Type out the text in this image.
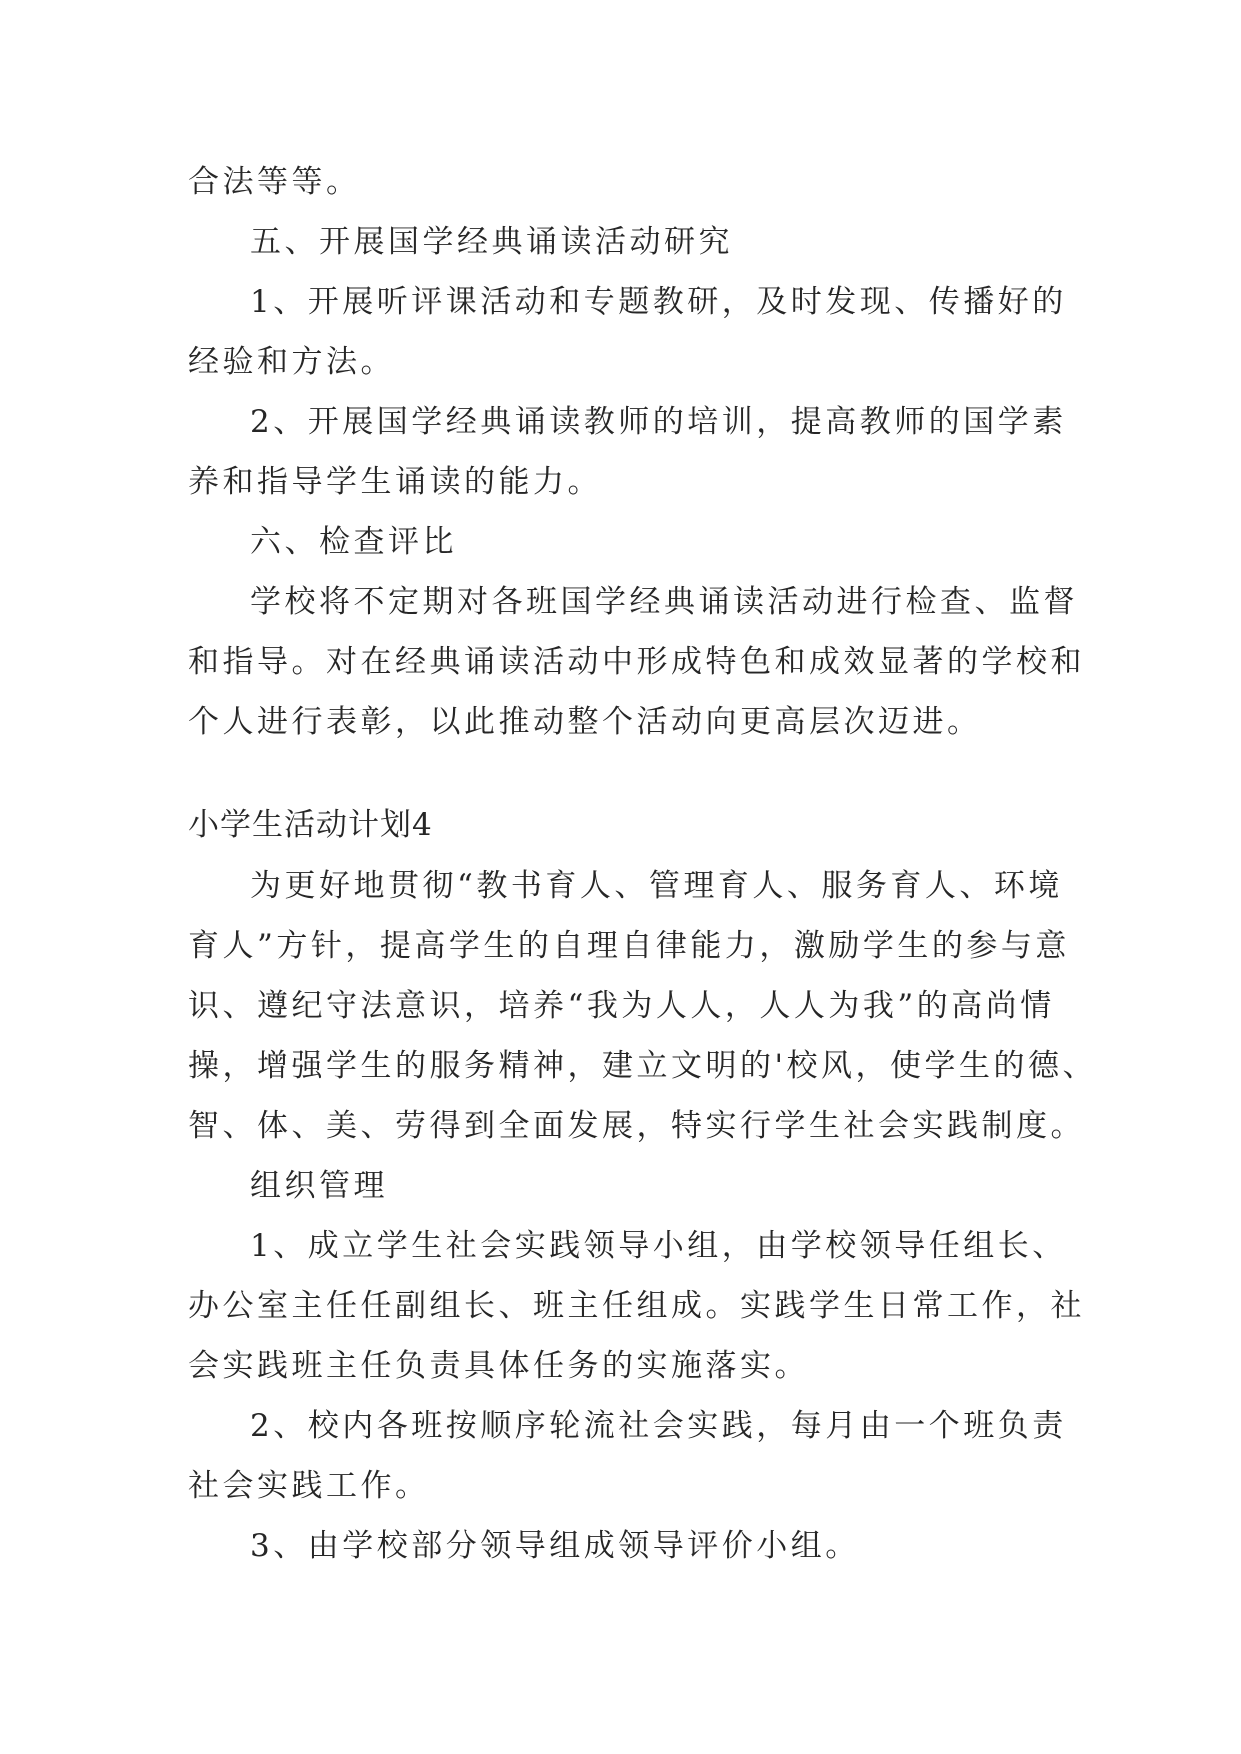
合法等等。
五、开展国学经典诵读活动研究
1、开展听评课活动和专题教研，及时发现、传播好的
经验和方法。
2、开展国学经典诵读教师的培训，提高教师的国学素
养和指导学生诵读的能力。
六、检查评比
学校将不定期对各班国学经典诵读活动进行检查、监督
和指导。对在经典诵读活动中形成特色和成效显著的学校和
个人进行表彰，以此推动整个活动向更高层次迈进。
小学生活动计划4
为更好地贯彻“教书育人、管理育人、服务育人、环境
育人”方针，提高学生的自理自律能力，激励学生的参与意
识、遵纪守法意识，培养“我为人人，人人为我”的高尚情
操，增强学生的服务精神，建立文明的'校风，使学生的德、
智、体、美、劳得到全面发展，特实行学生社会实践制度。
组织管理
1、成立学生社会实践领导小组，由学校领导任组长、
办公室主任任副组长、班主任组成。实践学生日常工作，社
会实践班主任负责具体任务的实施落实。
2、校内各班按顺序轮流社会实践，每月由一个班负责
社会实践工作。
3、由学校部分领导组成领导评价小组。
